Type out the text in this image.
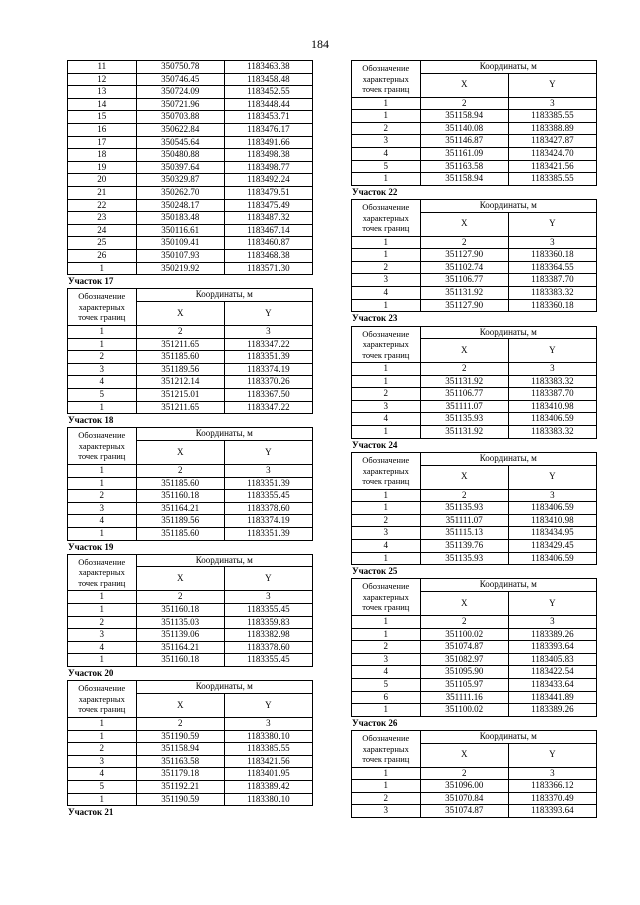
184
11	350750.78	1183463.38
12	350746.45	1183458.48
13	350724.09	1183452.55
14	350721.96	1183448.44
15	350703.88	1183453.71
16	350622.84	1183476.17
17	350545.64	1183491.66
18	350480.88	1183498.38
19	350397.64	1183498.77
20	350329.87	1183492.24
21	350262.70	1183479.51
22	350248.17	1183475.49
23	350183.48	1183487.32
24	350116.61	1183467.14
25	350109.41	1183460.87
26	350107.93	1183468.38
1	350219.92	1183571.30
Участок 17
Обозначение характерных точек границ	Координаты, м	
	X	Y
1	2	3
1	351211.65	1183347.22
2	351185.60	1183351.39
3	351189.56	1183374.19
4	351212.14	1183370.26
5	351215.01	1183367.50
1	351211.65	1183347.22
Участок 18
Обозначение характерных точек границ	Координаты, м	
	X	Y
1	2	3
1	351185.60	1183351.39
2	351160.18	1183355.45
3	351164.21	1183378.60
4	351189.56	1183374.19
1	351185.60	1183351.39
Участок 19
Обозначение характерных точек границ	Координаты, м	
	X	Y
1	2	3
1	351160.18	1183355.45
2	351135.03	1183359.83
3	351139.06	1183382.98
4	351164.21	1183378.60
1	351160.18	1183355.45
Участок 20
Обозначение характерных точек границ	Координаты, м	
	X	Y
1	2	3
1	351190.59	1183380.10
2	351158.94	1183385.55
3	351163.58	1183421.56
4	351179.18	1183401.95
5	351192.21	1183389.42
1	351190.59	1183380.10
Участок 21
Обозначение характерных точек границ	Координаты, м	
	X	Y
1	2	3
1	351158.94	1183385.55
2	351140.08	1183388.89
3	351146.87	1183427.87
4	351161.09	1183424.70
5	351163.58	1183421.56
1	351158.94	1183385.55
Участок 22
Обозначение характерных точек границ	Координаты, м	
	X	Y
1	2	3
1	351127.90	1183360.18
2	351102.74	1183364.55
3	351106.77	1183387.70
4	351131.92	1183383.32
1	351127.90	1183360.18
Участок 23
Обозначение характерных точек границ	Координаты, м	
	X	Y
1	2	3
1	351131.92	1183383.32
2	351106.77	1183387.70
3	351111.07	1183410.98
4	351135.93	1183406.59
1	351131.92	1183383.32
Участок 24
Обозначение характерных точек границ	Координаты, м	
	X	Y
1	2	3
1	351135.93	1183406.59
2	351111.07	1183410.98
3	351115.13	1183434.95
4	351139.76	1183429.45
1	351135.93	1183406.59
Участок 25
Обозначение характерных точек границ	Координаты, м	
	X	Y
1	2	3
1	351100.02	1183389.26
2	351074.87	1183393.64
3	351082.97	1183405.83
4	351095.90	1183422.54
5	351105.97	1183433.64
6	351111.16	1183441.89
1	351100.02	1183389.26
Участок 26
Обозначение характерных точек границ	Координаты, м	
	X	Y
1	2	3
1	351096.00	1183366.12
2	351070.84	1183370.49
3	351074.87	1183393.64
